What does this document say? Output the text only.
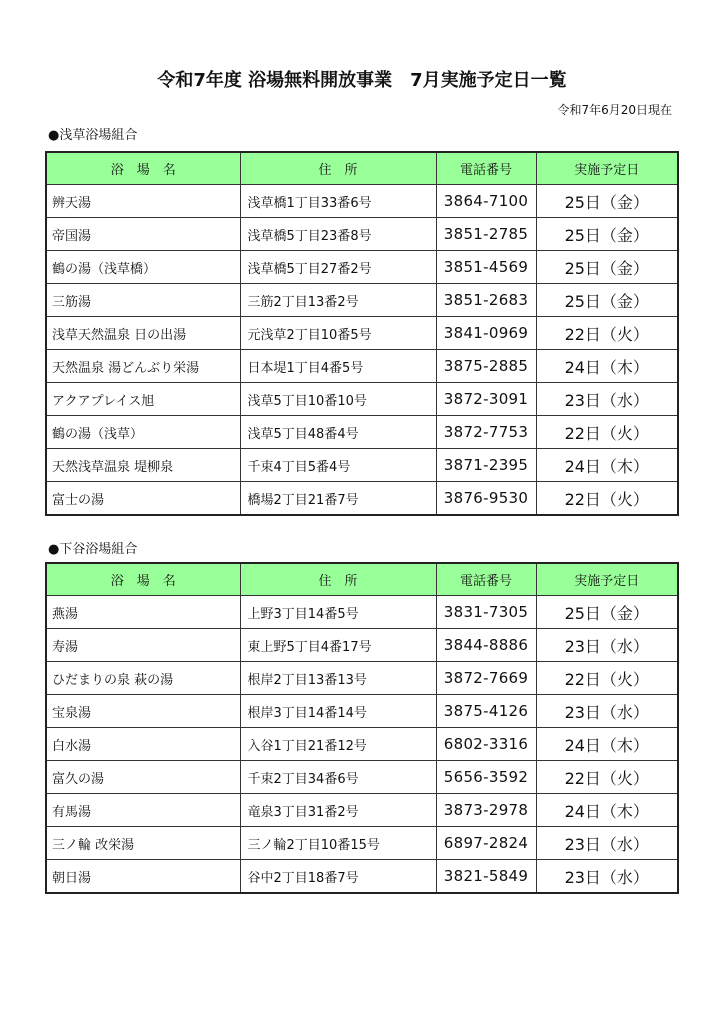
令和7年度 浴場無料開放事業　7月実施予定日一覧

令和7年6月20日現在

●浅草浴場組合

浴　場　名	住　所	電話番号	実施予定日
辨天湯	浅草橋1丁目33番6号	3864-7100	25日（金）
帝国湯	浅草橋5丁目23番8号	3851-2785	25日（金）
鶴の湯（浅草橋）	浅草橋5丁目27番2号	3851-4569	25日（金）
三筋湯	三筋2丁目13番2号	3851-2683	25日（金）
浅草天然温泉 日の出湯	元浅草2丁目10番5号	3841-0969	22日（火）
天然温泉 湯どんぶり栄湯	日本堤1丁目4番5号	3875-2885	24日（木）
アクアプレイス旭	浅草5丁目10番10号	3872-3091	23日（水）
鶴の湯（浅草）	浅草5丁目48番4号	3872-7753	22日（火）
天然浅草温泉 堤柳泉	千束4丁目5番4号	3871-2395	24日（木）
富士の湯	橋場2丁目21番7号	3876-9530	22日（火）

●下谷浴場組合

浴　場　名	住　所	電話番号	実施予定日
燕湯	上野3丁目14番5号	3831-7305	25日（金）
寿湯	東上野5丁目4番17号	3844-8886	23日（水）
ひだまりの泉 萩の湯	根岸2丁目13番13号	3872-7669	22日（火）
宝泉湯	根岸3丁目14番14号	3875-4126	23日（水）
白水湯	入谷1丁目21番12号	6802-3316	24日（木）
富久の湯	千束2丁目34番6号	5656-3592	22日（火）
有馬湯	竜泉3丁目31番2号	3873-2978	24日（木）
三ノ輪 改栄湯	三ノ輪2丁目10番15号	6897-2824	23日（水）
朝日湯	谷中2丁目18番7号	3821-5849	23日（水）
